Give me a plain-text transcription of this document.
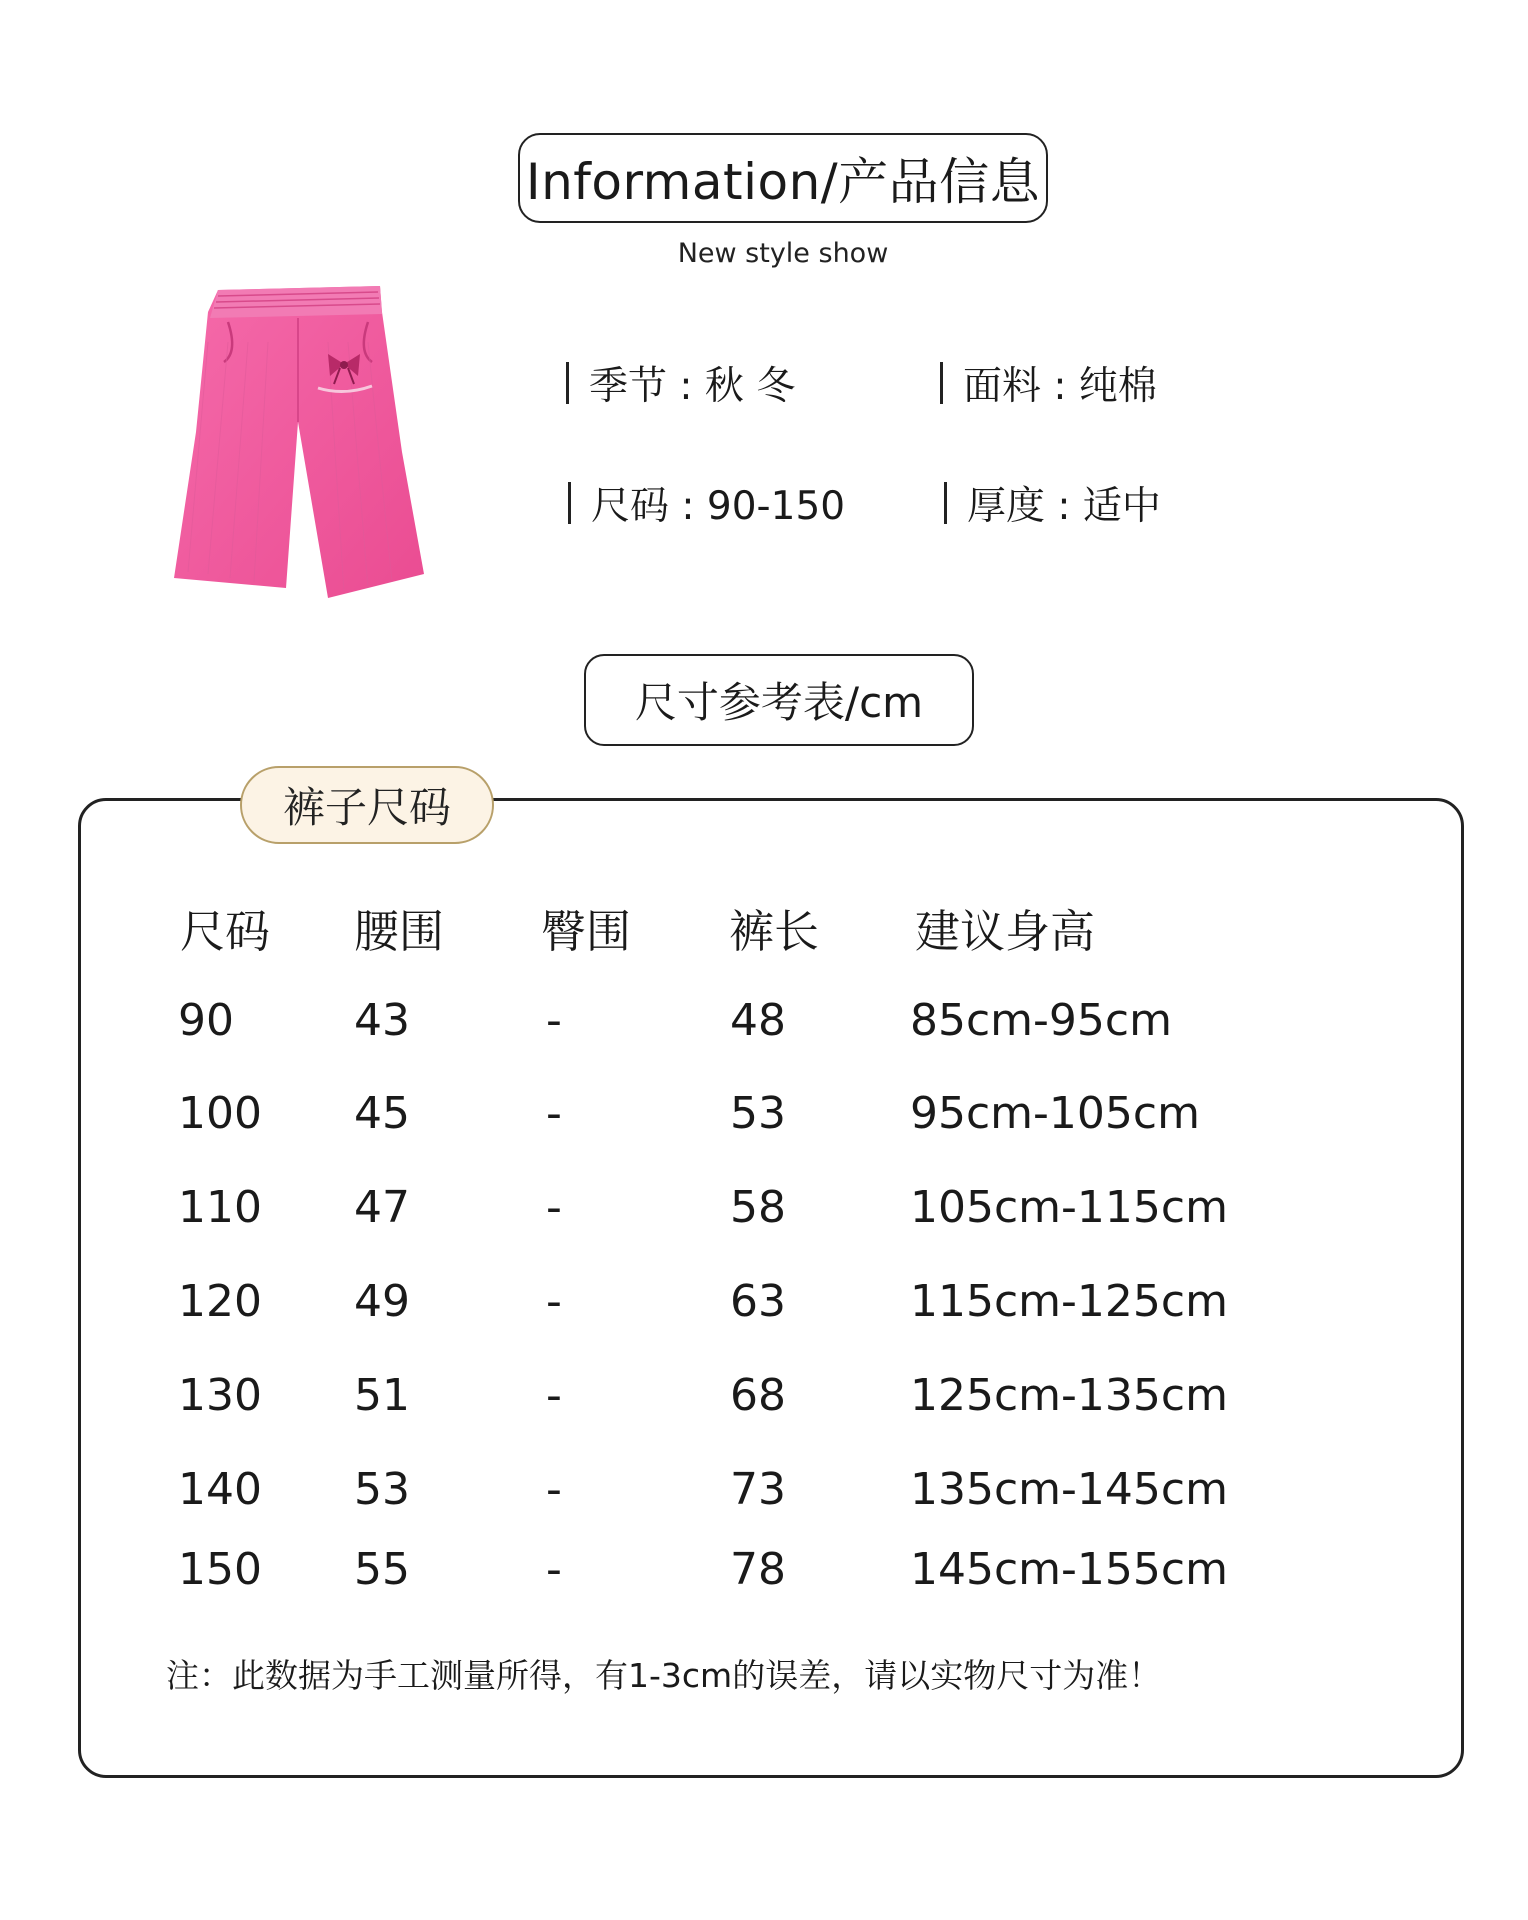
Information/产品信息
New style show
季节 : 秋 冬	面料 : 纯棉
尺码 : 90-150	厚度 : 适中
尺寸参考表/cm
裤子尺码
尺码 腰围 臀围 裤长 建议身高
90	43	-	48	85cm-95cm
100 45	-	53	95cm-105cm
110 47	-	58	105cm-115cm
120 49	-	63	115cm-125cm
130 51	-	68	125cm-135cm
140 53	-	73	135cm-145cm
150 55	-	78	145cm-155cm
注：此数据为手工测量所得，有1-3cm的误差，请以实物尺寸为准！
